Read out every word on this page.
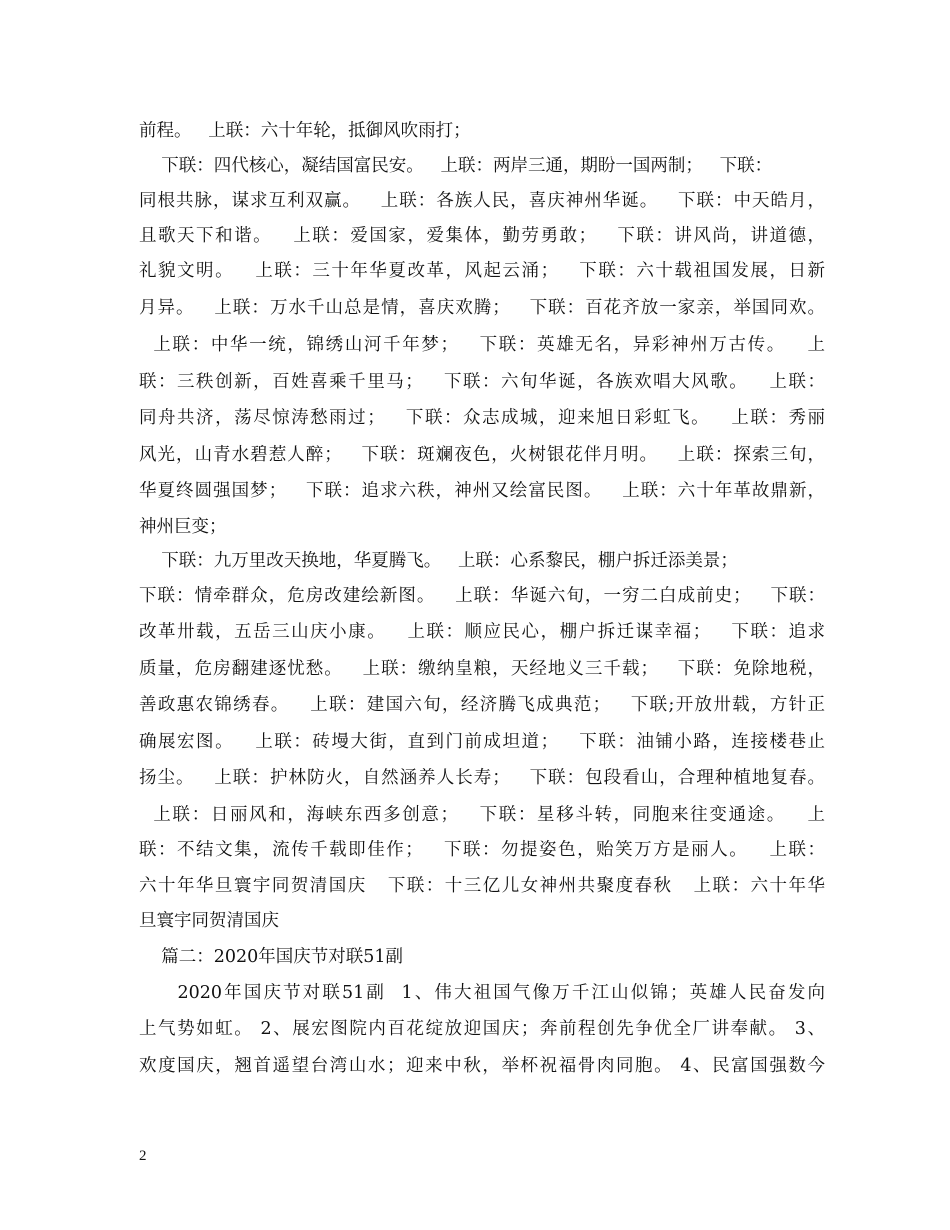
前程。   上联：六十年轮，抵御风吹雨打；
下联：四代核心，凝结国富民安。   上联：两岸三通，期盼一国两制；   下联：
同根共脉，谋求互利双赢。   上联：各族人民，喜庆神州华诞。   下联：中天皓月，
且歌天下和谐。   上联：爱国家，爱集体，勤劳勇敢；   下联：讲风尚，讲道德，
礼貌文明。   上联：三十年华夏改革，风起云涌；   下联：六十载祖国发展，日新
月异。   上联：万水千山总是情，喜庆欢腾；   下联：百花齐放一家亲，举国同欢。
上联：中华一统，锦绣山河千年梦；   下联：英雄无名，异彩神州万古传。   上
联：三秩创新，百姓喜乘千里马；   下联：六旬华诞，各族欢唱大风歌。   上联：
同舟共济，荡尽惊涛愁雨过；   下联：众志成城，迎来旭日彩虹飞。   上联：秀丽
风光，山青水碧惹人醉；   下联：斑斓夜色，火树银花伴月明。   上联：探索三旬，
华夏终圆强国梦；   下联：追求六秩，神州又绘富民图。   上联：六十年革故鼎新，
神州巨变；
下联：九万里改天换地，华夏腾飞。   上联：心系黎民，棚户拆迁添美景；
下联：情牵群众，危房改建绘新图。   上联：华诞六旬，一穷二白成前史；   下联：
改革卅载，五岳三山庆小康。   上联：顺应民心，棚户拆迁谋幸福；   下联：追求
质量，危房翻建逐忧愁。   上联：缴纳皇粮，天经地义三千载；   下联：免除地税，
善政惠农锦绣春。   上联：建国六旬，经济腾飞成典范；   下联;开放卅载，方针正
确展宏图。   上联：砖墁大街，直到门前成坦道；   下联：油铺小路，连接楼巷止
扬尘。   上联：护林防火，自然涵养人长寿；   下联：包段看山，合理种植地复春。
上联：日丽风和，海峡东西多创意；   下联：星移斗转，同胞来往变通途。   上
联：不结文集，流传千载即佳作；   下联：勿提姿色，贻笑万方是丽人。   上联：
六十年华旦寰宇同贺清国庆   下联：十三亿儿女神州共聚度春秋   上联：六十年华
旦寰宇同贺清国庆
篇二：2020年国庆节对联51副
2020年国庆节对联51副  1、伟大祖国气像万千江山似锦；英雄人民奋发向
上气势如虹。 2、展宏图院内百花绽放迎国庆；奔前程创先争优全厂讲奉献。 3、
欢度国庆，翘首遥望台湾山水；迎来中秋，举杯祝福骨肉同胞。 4、民富国强数今
2
